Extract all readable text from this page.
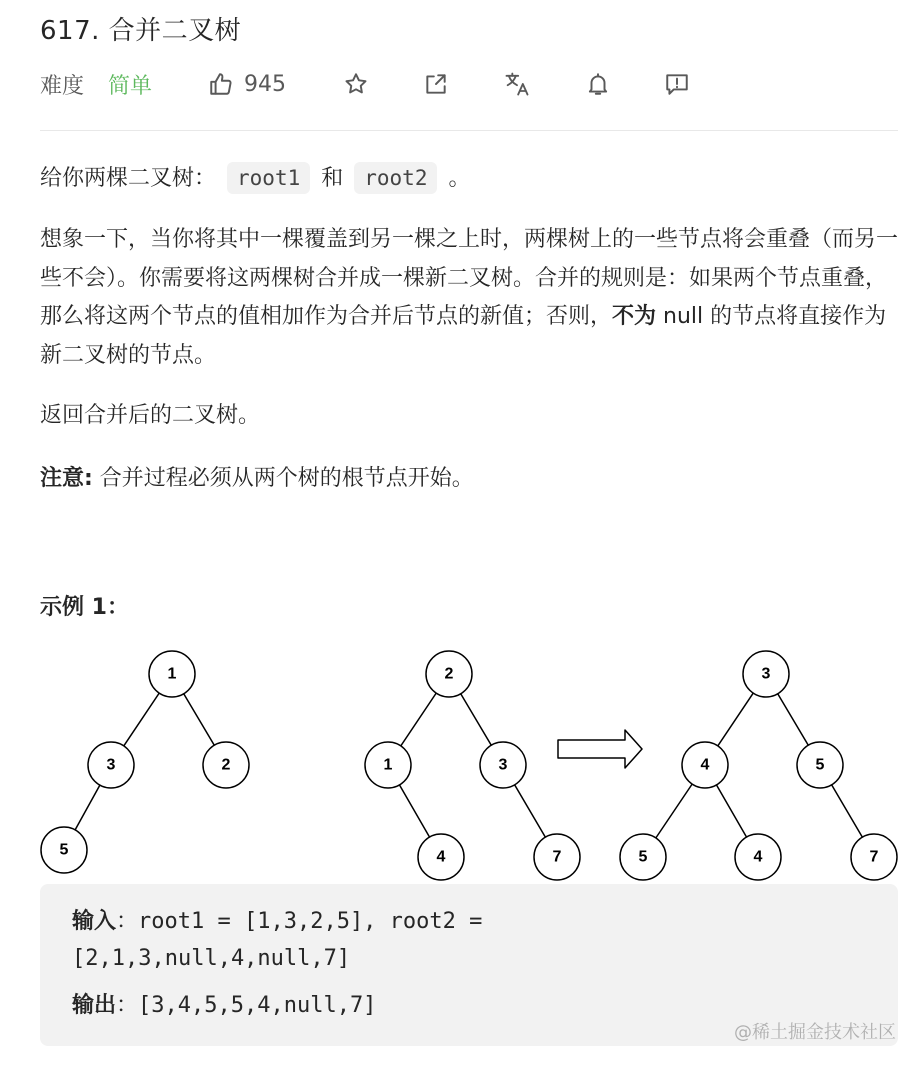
617. 合并二叉树
难度 简单	945
给你两棵二叉树： root1 和 root2 。
想象一下，当你将其中一棵覆盖到另一棵之上时，两棵树上的一些节点将会重叠（而另一些不会）。你需要将这两棵树合并成一棵新二叉树。合并的规则是：如果两个节点重叠，那么将这两个节点的值相加作为合并后节点的新值；否则，不为 null 的节点将直接作为新二叉树的节点。
返回合并后的二叉树。
注意: 合并过程必须从两个树的根节点开始。
示例 1：
1
3	2
5
2
1	3
4	7
3
4	5
5	4	7
输入：root1 = [1,3,2,5], root2 =
[2,1,3,null,4,null,7]
输出：[3,4,5,5,4,null,7]
@稀土掘金技术社区
